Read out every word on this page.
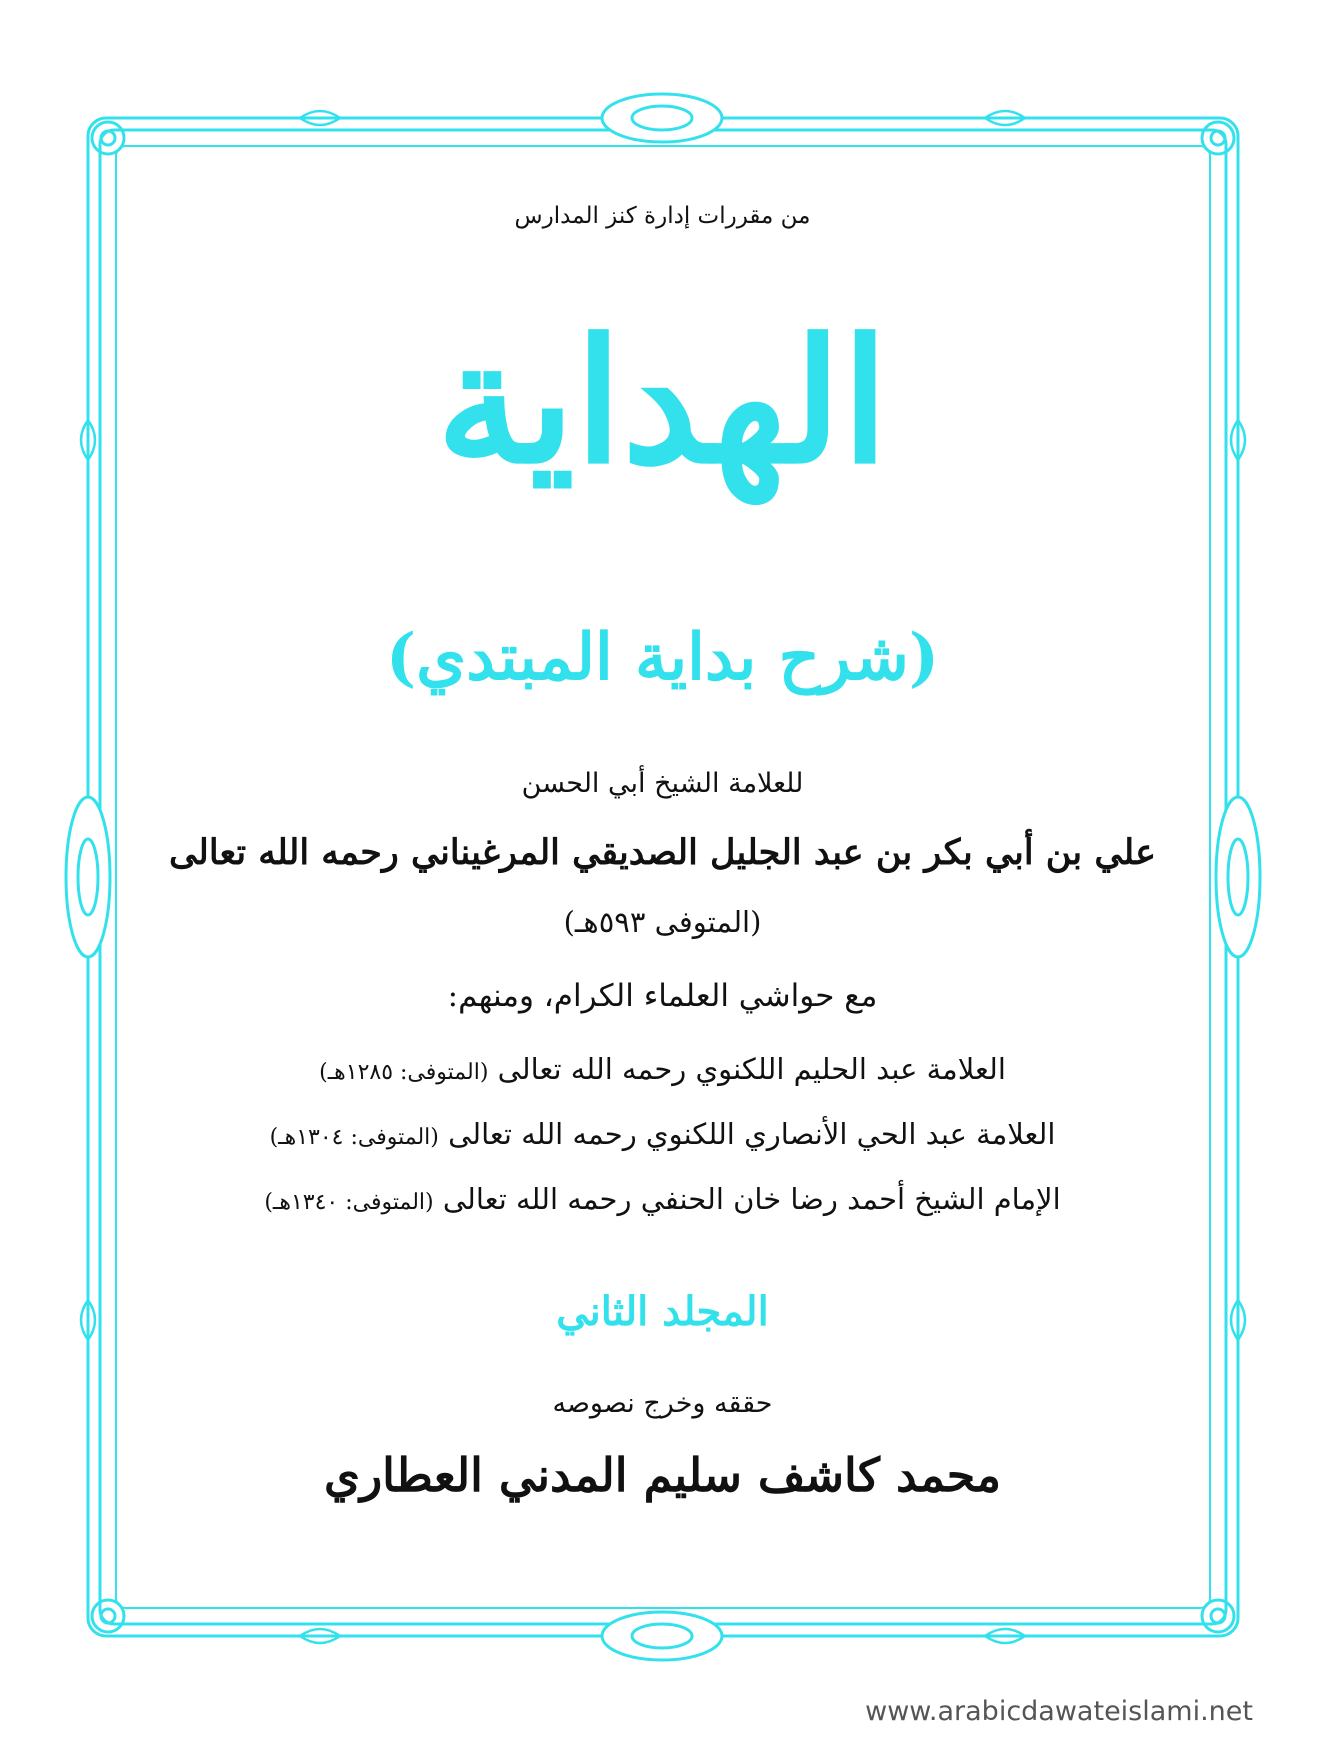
من مقررات إدارة كنز المدارس

الهداية

(شرح بداية المبتدي)

للعلامة الشيخ أبي الحسن

علي بن أبي بكر بن عبد الجليل الصديقي المرغيناني رحمه الله تعالى

(المتوفى ٥٩٣هـ)

مع حواشي العلماء الكرام، ومنهم:

العلامة عبد الحليم اللكنوي رحمه الله تعالى (المتوفى: ١٢٨٥هـ)

العلامة عبد الحي الأنصاري اللكنوي رحمه الله تعالى (المتوفى: ١٣٠٤هـ)

الإمام الشيخ أحمد رضا خان الحنفي رحمه الله تعالى (المتوفى: ١٣٤٠هـ)

المجلد الثاني

حققه وخرج نصوصه

محمد كاشف سليم المدني العطاري

www.arabicdawateislami.net
